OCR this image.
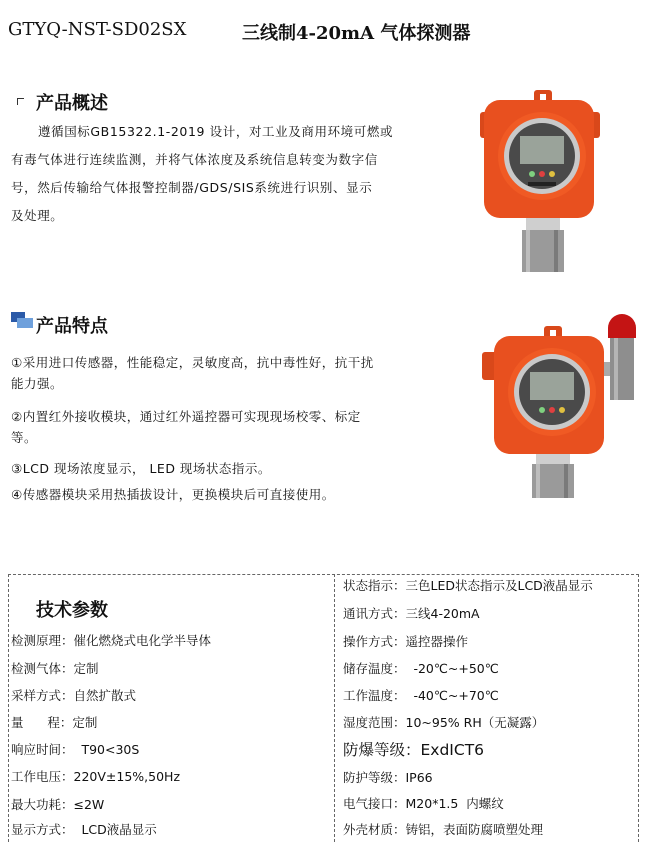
GTYQ-NST-SD02SX	三线制4-20mA 气体探测器
产品概述
遵循国标GB15322.1-2019 设计，对工业及商用环境可燃或
有毒气体进行连续监测，并将气体浓度及系统信息转变为数字信
号，然后传输给气体报警控制器/GDS/SIS系统进行识别、显示
及处理。
产品特点
①采用进口传感器，性能稳定，灵敏度高，抗中毒性好，抗干扰
能力强。
②内置红外接收模块，通过红外遥控器可实现现场校零、标定
等。
③LCD 现场浓度显示， LED 现场状态指示。
④传感器模块采用热插拔设计，更换模块后可直接使用。
技术参数
检测原理：催化燃烧式电化学半导体
检测气体：定制
采样方式：自然扩散式
量      程：定制
响应时间：  T90<30S
工作电压：220V±15%,50Hz
最大功耗：≤2W
显示方式：  LCD液晶显示
状态指示：三色LED状态指示及LCD液晶显示
通讯方式：三线4-20mA
操作方式：遥控器操作
储存温度：  -20℃~+50℃
工作温度：  -40℃~+70℃
湿度范围：10~95% RH（无凝露）
防爆等级：ExdICT6
防护等级：IP66
电气接口：M20*1.5  内螺纹
外壳材质：铸铝，表面防腐喷塑处理
